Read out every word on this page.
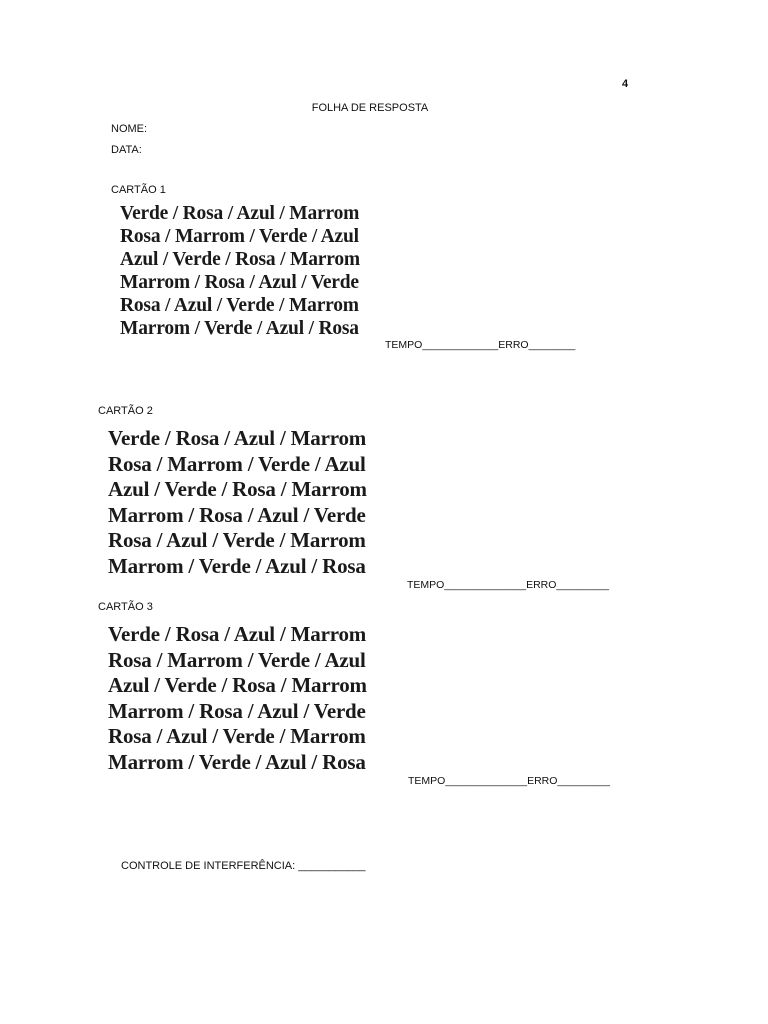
4
FOLHA DE RESPOSTA
NOME:
DATA:
CARTÃO 1
Verde / Rosa / Azul / Marrom
Rosa / Marrom / Verde / Azul
Azul / Verde / Rosa / Marrom
Marrom / Rosa / Azul / Verde
Rosa / Azul / Verde / Marrom
Marrom / Verde / Azul / Rosa
TEMPO_____________ERRO________
CARTÃO 2
Verde / Rosa / Azul / Marrom
Rosa / Marrom / Verde / Azul
Azul / Verde / Rosa / Marrom
Marrom / Rosa / Azul / Verde
Rosa / Azul / Verde / Marrom
Marrom / Verde / Azul / Rosa
TEMPO______________ERRO_________
CARTÃO 3
Verde / Rosa / Azul / Marrom
Rosa / Marrom / Verde / Azul
Azul / Verde / Rosa / Marrom
Marrom / Rosa / Azul / Verde
Rosa / Azul / Verde / Marrom
Marrom / Verde / Azul / Rosa
TEMPO______________ERRO_________
CONTROLE DE INTERFERÊNCIA: ___________
